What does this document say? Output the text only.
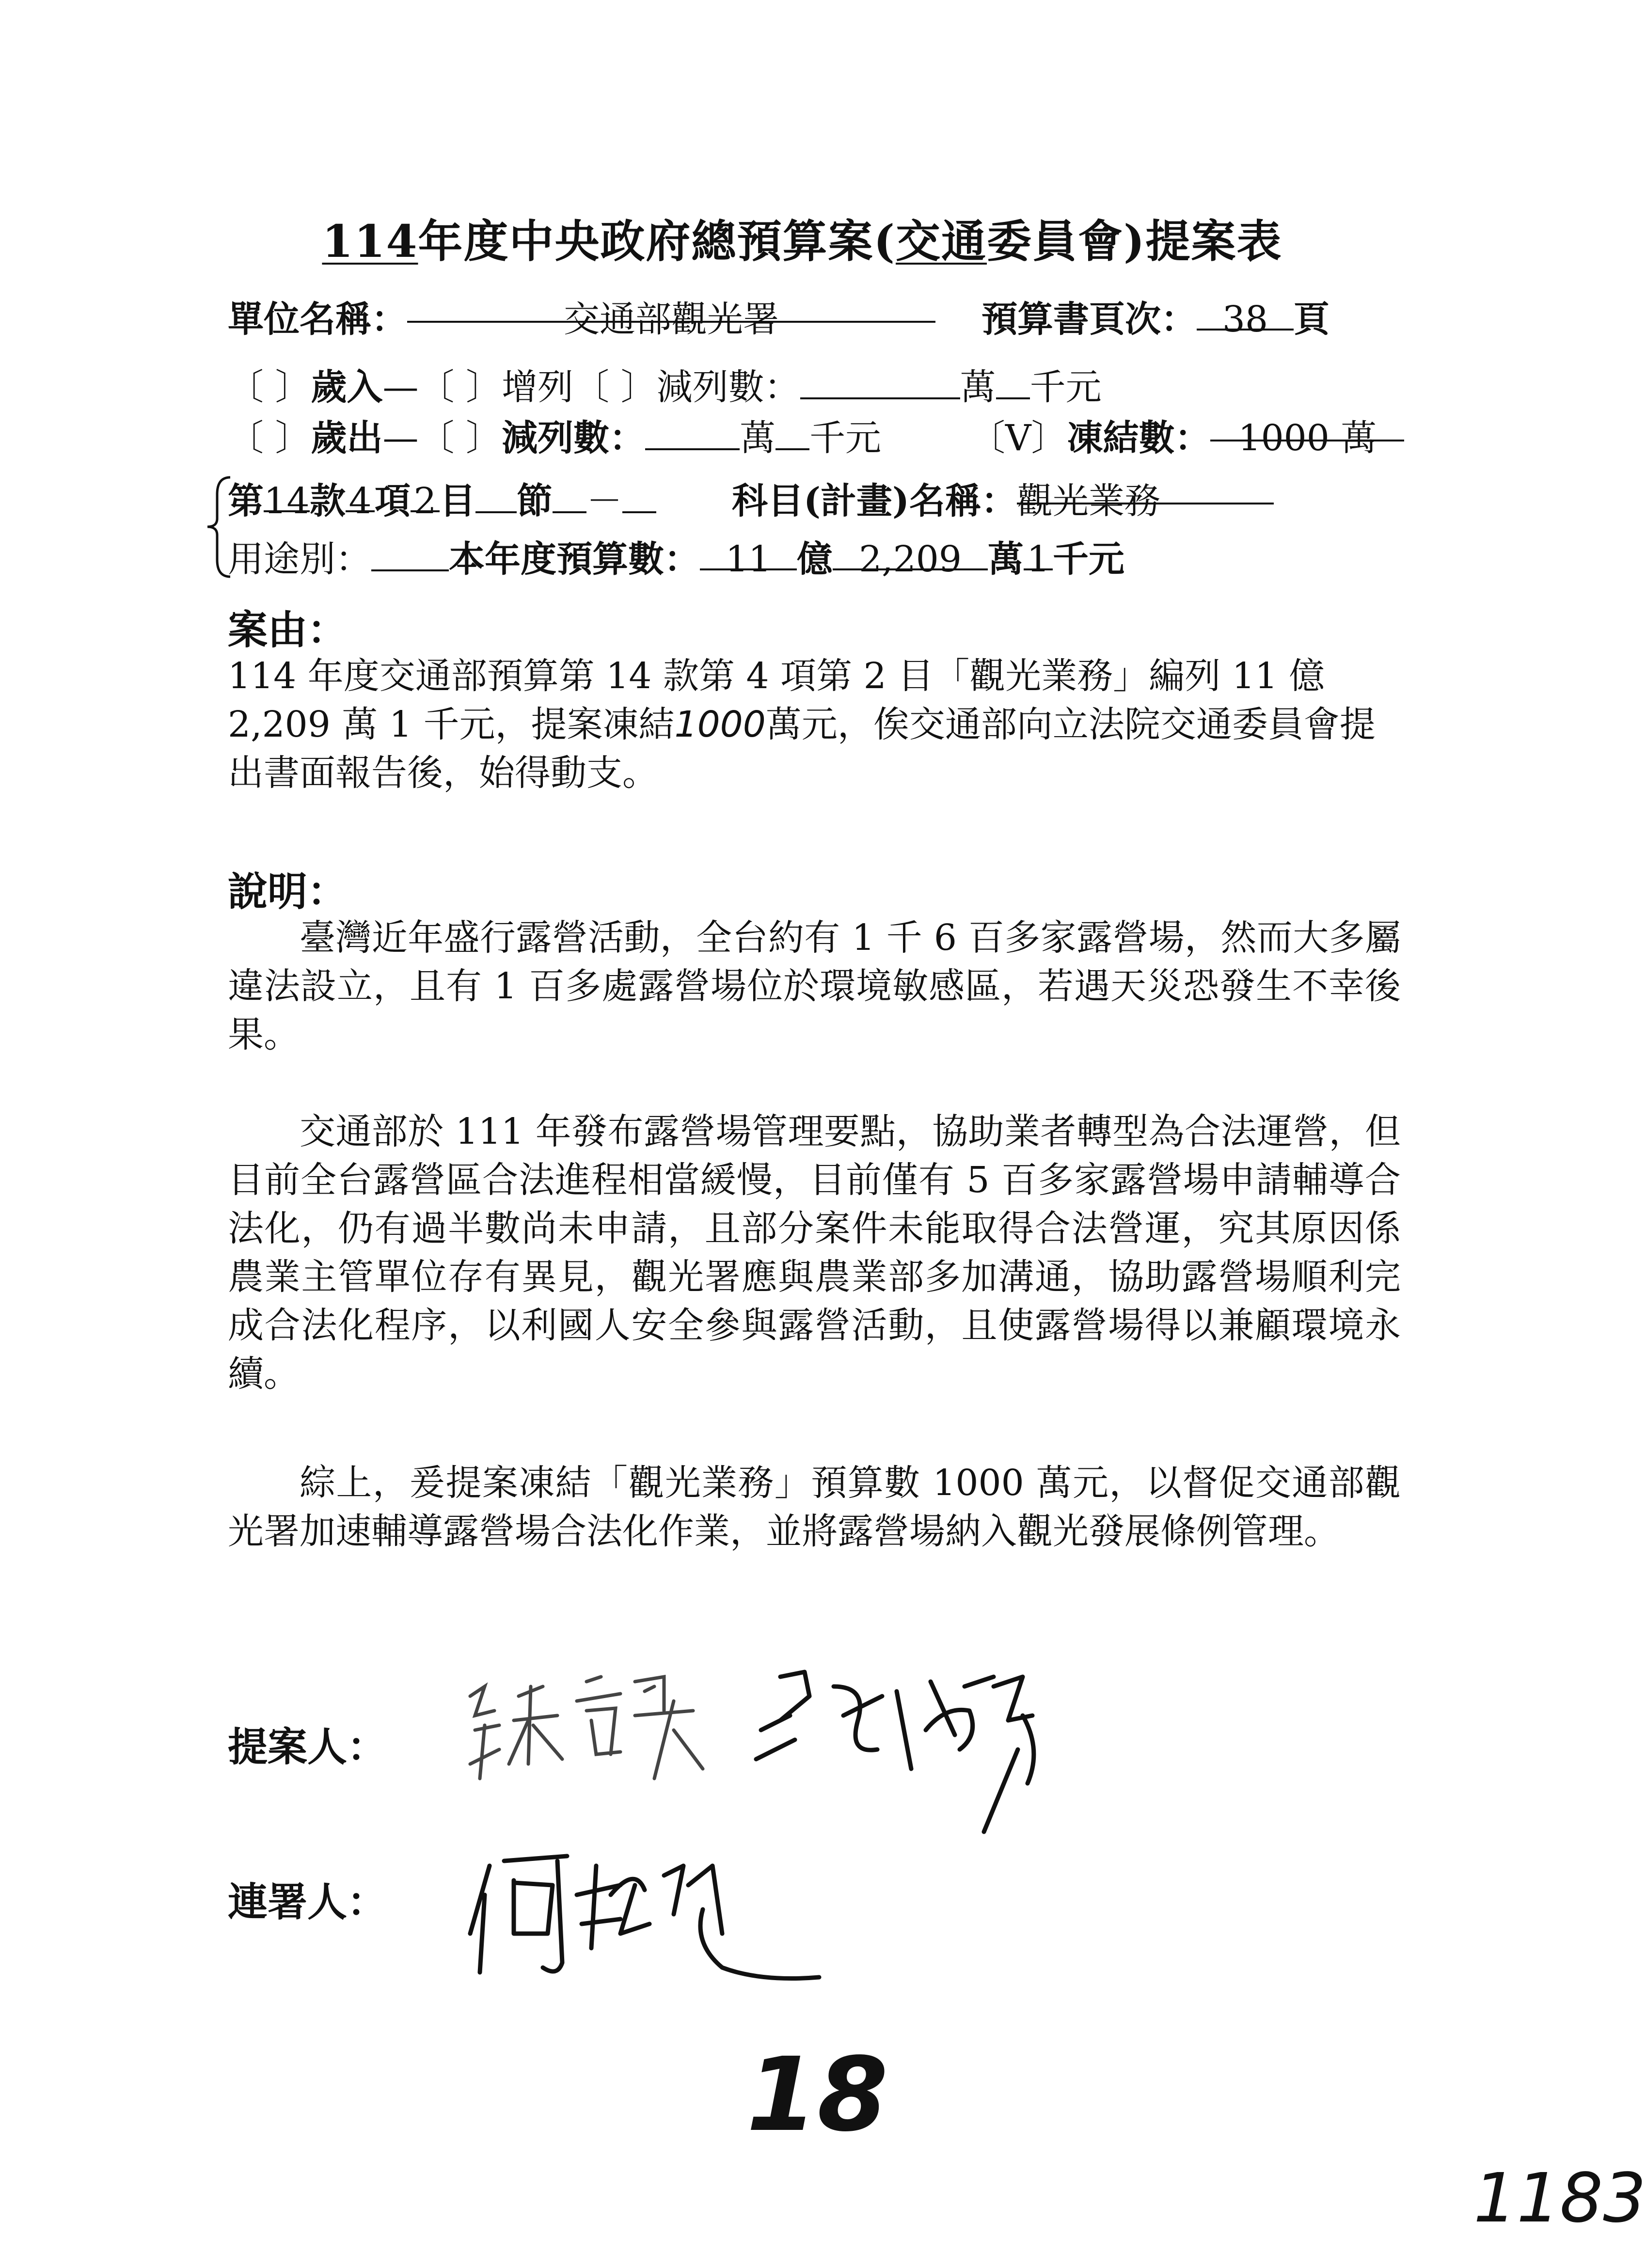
114年度中央政府總預算案(交通委員會)提案表
單位名稱：	交通部觀光署	預算書頁次： 38 頁
〔 〕歲入—〔 〕增列〔 〕減列數：	萬 千元
〔 〕歲出—〔 〕減列數：	萬 千元 〔V〕凍結數： 1000 萬
第14款4項2目 節 －	科目(計畫)名稱：觀光業務
用途別： 本年度預算數： 11 億 2,209 萬1千元
案由：
114 年度交通部預算第 14 款第 4 項第 2 目「觀光業務」編列 11 億
2,209 萬 1 千元，提案凍結1000萬元，俟交通部向立法院交通委員會提
出書面報告後，始得動支。
說明：
臺灣近年盛行露營活動，全台約有 1 千 6 百多家露營場，然而大多屬違法設立，且有 1 百多處露營場位於環境敏感區，若遇天災恐發生不幸後果。
交通部於 111 年發布露營場管理要點，協助業者轉型為合法運營，但目前全台露營區合法進程相當緩慢，目前僅有 5 百多家露營場申請輔導合法化，仍有過半數尚未申請，且部分案件未能取得合法營運，究其原因係農業主管單位存有異見，觀光署應與農業部多加溝通，協助露營場順利完成合法化程序，以利國人安全參與露營活動，且使露營場得以兼顧環境永續。
綜上，爰提案凍結「觀光業務」預算數 1000 萬元，以督促交通部觀光署加速輔導露營場合法化作業，並將露營場納入觀光發展條例管理。
提案人：
連署人：
18
1183
